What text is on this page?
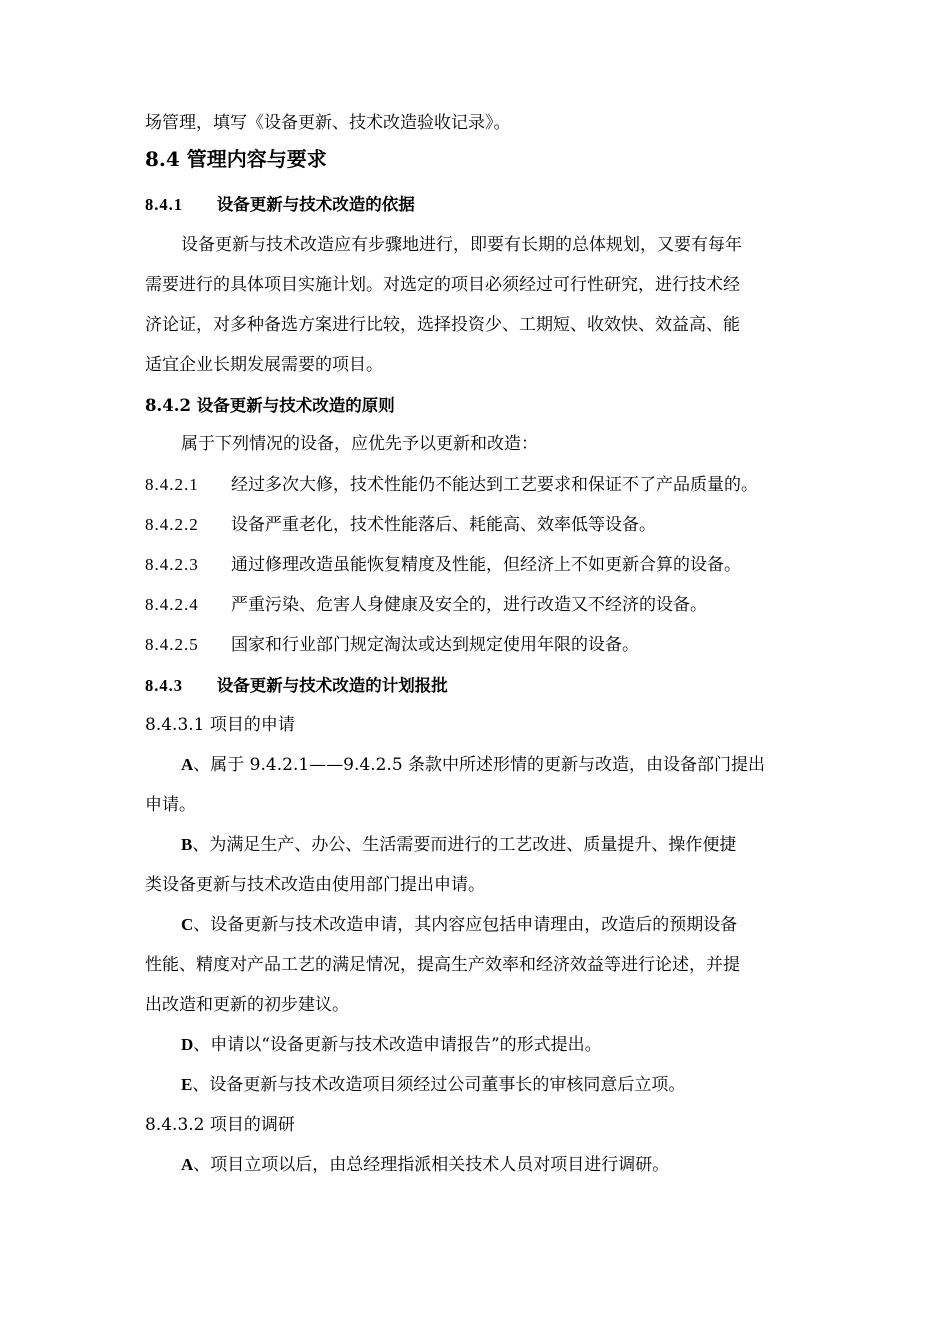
场管理，填写《设备更新、技术改造验收记录》。
8.4 管理内容与要求
8.4.1 设备更新与技术改造的依据
设备更新与技术改造应有步骤地进行，即要有长期的总体规划，又要有每年
需要进行的具体项目实施计划。对选定的项目必须经过可行性研究，进行技术经
济论证，对多种备选方案进行比较，选择投资少、工期短、收效快、效益高、能
适宜企业长期发展需要的项目。
8.4.2 设备更新与技术改造的原则
属于下列情况的设备，应优先予以更新和改造：
8.4.2.1 经过多次大修，技术性能仍不能达到工艺要求和保证不了产品质量的。
8.4.2.2 设备严重老化，技术性能落后、耗能高、效率低等设备。
8.4.2.3 通过修理改造虽能恢复精度及性能，但经济上不如更新合算的设备。
8.4.2.4 严重污染、危害人身健康及安全的，进行改造又不经济的设备。
8.4.2.5 国家和行业部门规定淘汰或达到规定使用年限的设备。
8.4.3 设备更新与技术改造的计划报批
8.4.3.1 项目的申请
A、属于 9.4.2.1——9.4.2.5 条款中所述形情的更新与改造，由设备部门提出
申请。
B、为满足生产、办公、生活需要而进行的工艺改进、质量提升、操作便捷
类设备更新与技术改造由使用部门提出申请。
C、设备更新与技术改造申请，其内容应包括申请理由，改造后的预期设备
性能、精度对产品工艺的满足情况，提高生产效率和经济效益等进行论述，并提
出改造和更新的初步建议。
D、申请以“设备更新与技术改造申请报告”的形式提出。
E、设备更新与技术改造项目须经过公司董事长的审核同意后立项。
8.4.3.2 项目的调研
A、项目立项以后，由总经理指派相关技术人员对项目进行调研。
